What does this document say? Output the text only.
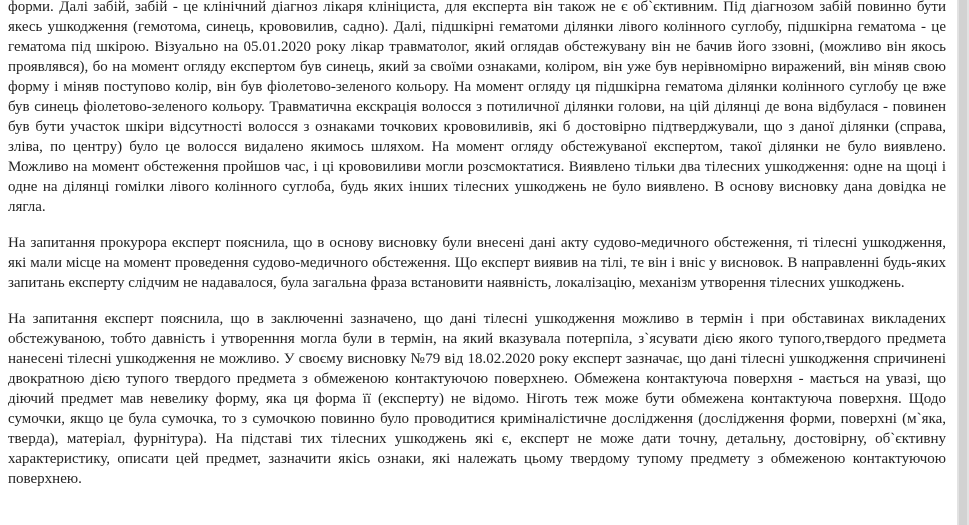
форми. Далі забій, забій - це клінічний діагноз лікаря клініциста, для експерта він також не є об`єктивним. Під діагнозом забій повинно бути якесь ушкодження (гемотома, синець, крововилив, садно). Далі, підшкірні гематоми ділянки лівого колінного суглобу, підшкірна гематома - це гематома під шкірою. Візуально на 05.01.2020 року лікар травматолог, який оглядав обстежувану він не бачив його ззовні, (можливо він якось проявлявся), бо на момент огляду експертом був синець, який за своїми ознаками, коліром, він уже був нерівномірно виражений, він міняв свою форму і міняв поступово колір, він був фіолетово-зеленого кольору. На момент огляду ця підшкірна гематома ділянки колінного суглобу це вже був синець фіолетово-зеленого кольору. Травматична екскрація волосся з потиличної ділянки голови, на цій ділянці де вона відбулася - повинен був бути участок шкіри відсутності волосся з ознаками точкових крововиливів, які б достовірно підтверджували, що з даної ділянки (справа, зліва, по центру) було це волосся видалено якимось шляхом. На момент огляду обстежуваної експертом, такої ділянки не було виявлено. Можливо на момент обстеження пройшов час, і ці крововиливи могли розсмоктатися. Виявлено тільки два тілесних ушкодження: одне на щоці і одне на ділянці гомілки лівого колінного суглоба, будь яких інших тілесних ушкоджень не було виявлено. В основу висновку дана довідка не лягла.

На запитання прокурора експерт пояснила, що в основу висновку були внесені дані акту судово-медичного обстеження, ті тілесні ушкодження, які мали місце на момент проведення судово-медичного обстеження. Що експерт виявив на тілі, те він і вніс у висновок. В направленні будь-яких запитань експерту слідчим не надавалося, була загальна фраза встановити наявність, локалізацію, механізм утворення тілесних ушкоджень.

На запитання експерт пояснила, що в заключенні зазначено, що дані тілесні ушкодження можливо в термін і при обставинах викладених обстежуваною, тобто давність і утворенння могла були в термін, на який вказувала потерпіла, з`ясувати дією якого тупого,твердого предмета нанесені тілесні ушкодження не можливо. У своєму висновку №79 від 18.02.2020 року експерт зазначає, що дані тілесні ушкодження спричинені двократною дією тупого твердого предмета з обмеженою контактуючою поверхнею. Обмежена контактуюча поверхня - мається на увазі, що діючий предмет мав невелику форму, яка ця форма її (експерту) не відомо. Ніготь теж може бути обмежена контактуюча поверхня. Щодо сумочки, якщо це була сумочка, то з сумочкою повинно було проводитися криміналістичне дослідження (дослідження форми, поверхні (м`яка, тверда), матеріал, фурнітура). На підставі тих тілесних ушкоджень які є, експерт не може дати точну, детальну, достовірну, об`єктивну характеристику, описати цей предмет, зазначити якісь ознаки, які належать цьому твердому тупому предмету з обмеженою контактуючою поверхнею.
